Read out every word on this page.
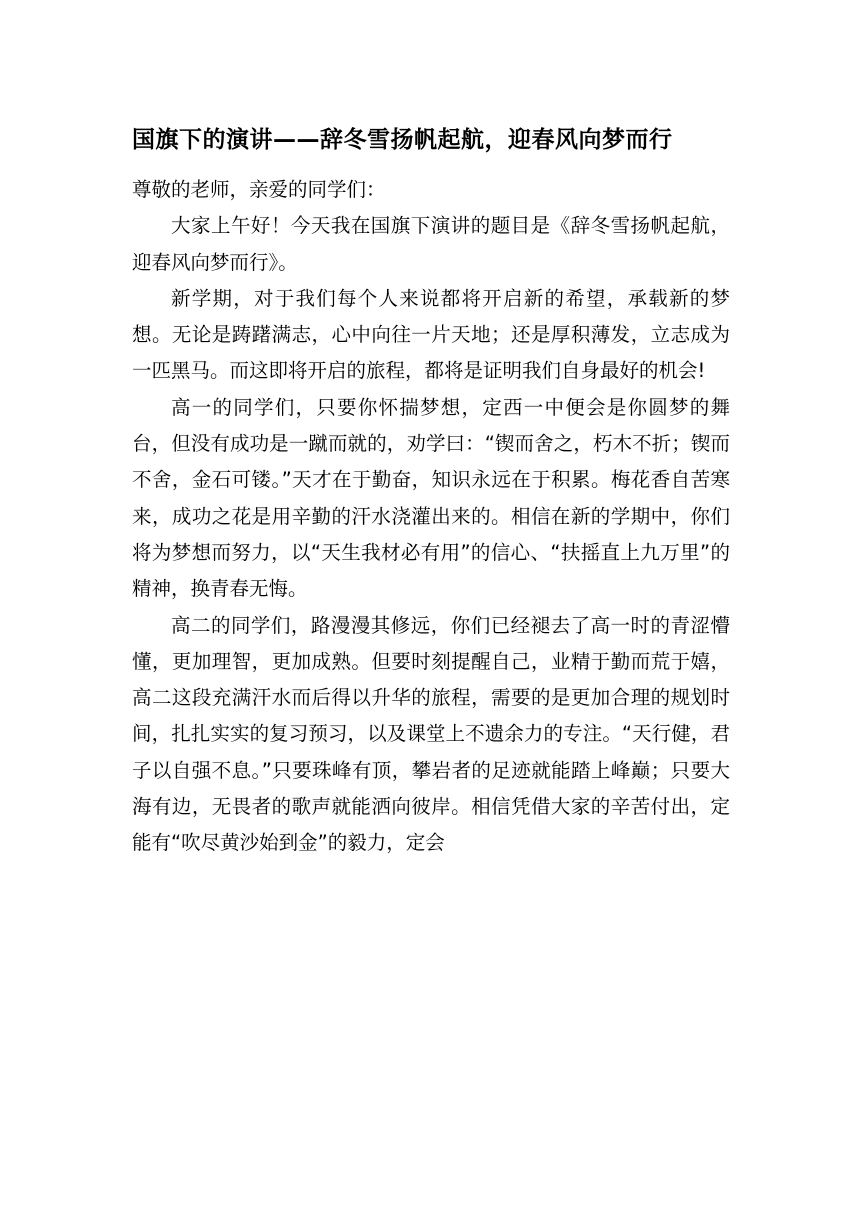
国旗下的演讲——辞冬雪扬帆起航，迎春风向梦而行

尊敬的老师，亲爱的同学们：

大家上午好！今天我在国旗下演讲的题目是《辞冬雪扬帆起航，迎春风向梦而行》。

新学期，对于我们每个人来说都将开启新的希望，承载新的梦想。无论是踌躇满志，心中向往一片天地；还是厚积薄发，立志成为一匹黑马。而这即将开启的旅程，都将是证明我们自身最好的机会!

高一的同学们，只要你怀揣梦想，定西一中便会是你圆梦的舞台，但没有成功是一蹴而就的，劝学曰：“锲而舍之，朽木不折；锲而不舍，金石可镂。”天才在于勤奋，知识永远在于积累。梅花香自苦寒来，成功之花是用辛勤的汗水浇灌出来的。相信在新的学期中，你们将为梦想而努力，以“天生我材必有用”的信心、“扶摇直上九万里”的精神，换青春无悔。

高二的同学们，路漫漫其修远，你们已经褪去了高一时的青涩懵懂，更加理智，更加成熟。但要时刻提醒自己，业精于勤而荒于嬉，高二这段充满汗水而后得以升华的旅程，需要的是更加合理的规划时间，扎扎实实的复习预习，以及课堂上不遗余力的专注。“天行健，君子以自强不息。”只要珠峰有顶，攀岩者的足迹就能踏上峰巅；只要大海有边，无畏者的歌声就能洒向彼岸。相信凭借大家的辛苦付出，定能有“吹尽黄沙始到金”的毅力，定会
